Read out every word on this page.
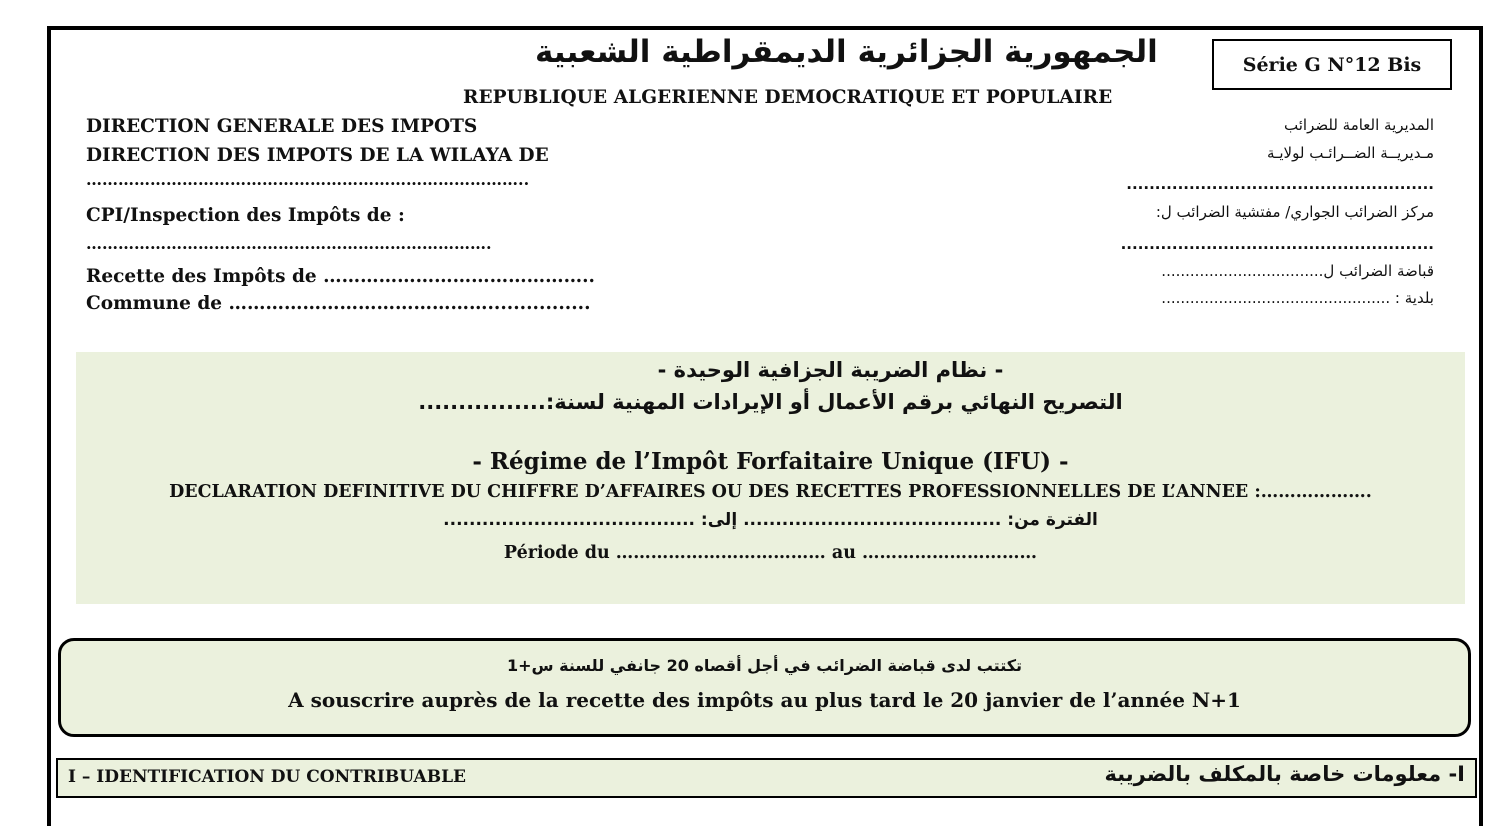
Série G N°12 Bis
الجمهورية الجزائرية الديمقراطية الشعبية
REPUBLIQUE ALGERIENNE DEMOCRATIQUE ET POPULAIRE
DIRECTION GENERALE DES IMPOTS
DIRECTION DES IMPOTS DE LA WILAYA DE
………………………………………………………………………..
CPI/Inspection des Impôts de :
………………………………………………………………….
Recette des Impôts de ……………………………………..
Commune de ……………………………………................
المديرية العامة للضرائب
مـديريــة الضــرائـب لولايـة
......................................................
مركز الضرائب الجواري/ مفتشية الضرائب ل:
.......................................................
قباضة الضرائب ل..................................
بلدية : ................................................
- نظام الضريبة الجزافية الوحيدة -
التصريح النهائي برقم الأعمال أو الإيرادات المهنية لسنة:................
- Régime de l’Impôt Forfaitaire Unique (IFU) -
DECLARATION DEFINITIVE DU CHIFFRE D’AFFAIRES OU DES RECETTES PROFESSIONNELLES DE L’ANNEE :……………….
الفترة من: ........................................ إلى: .......................................
Période du ……………………………… au …………………………
تكتتب لدى قباضة الضرائب في أجل أقصاه 20 جانفي للسنة س+1
A souscrire auprès de la recette des impôts au plus tard le 20 janvier de l’année N+1
I – IDENTIFICATION DU CONTRIBUABLE	I- معلومات خاصة بالمكلف بالضريبة
